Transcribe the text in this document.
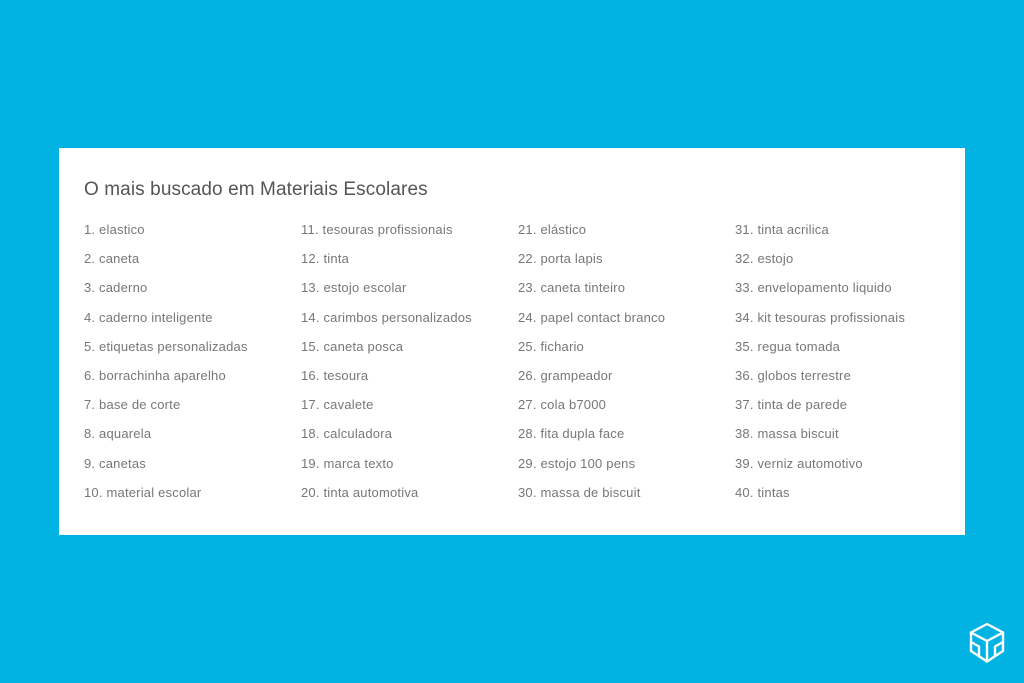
O mais buscado em Materiais Escolares
1. elastico
2. caneta
3. caderno
4. caderno inteligente
5. etiquetas personalizadas
6. borrachinha aparelho
7. base de corte
8. aquarela
9. canetas
10. material escolar
11. tesouras profissionais
12. tinta
13. estojo escolar
14. carimbos personalizados
15. caneta posca
16. tesoura
17. cavalete
18. calculadora
19. marca texto
20. tinta automotiva
21. elástico
22. porta lapis
23. caneta tinteiro
24. papel contact branco
25. fichario
26. grampeador
27. cola b7000
28. fita dupla face
29. estojo 100 pens
30. massa de biscuit
31. tinta acrilica
32. estojo
33. envelopamento liquido
34. kit tesouras profissionais
35. regua tomada
36. globos terrestre
37. tinta de parede
38. massa biscuit
39. verniz automotivo
40. tintas
